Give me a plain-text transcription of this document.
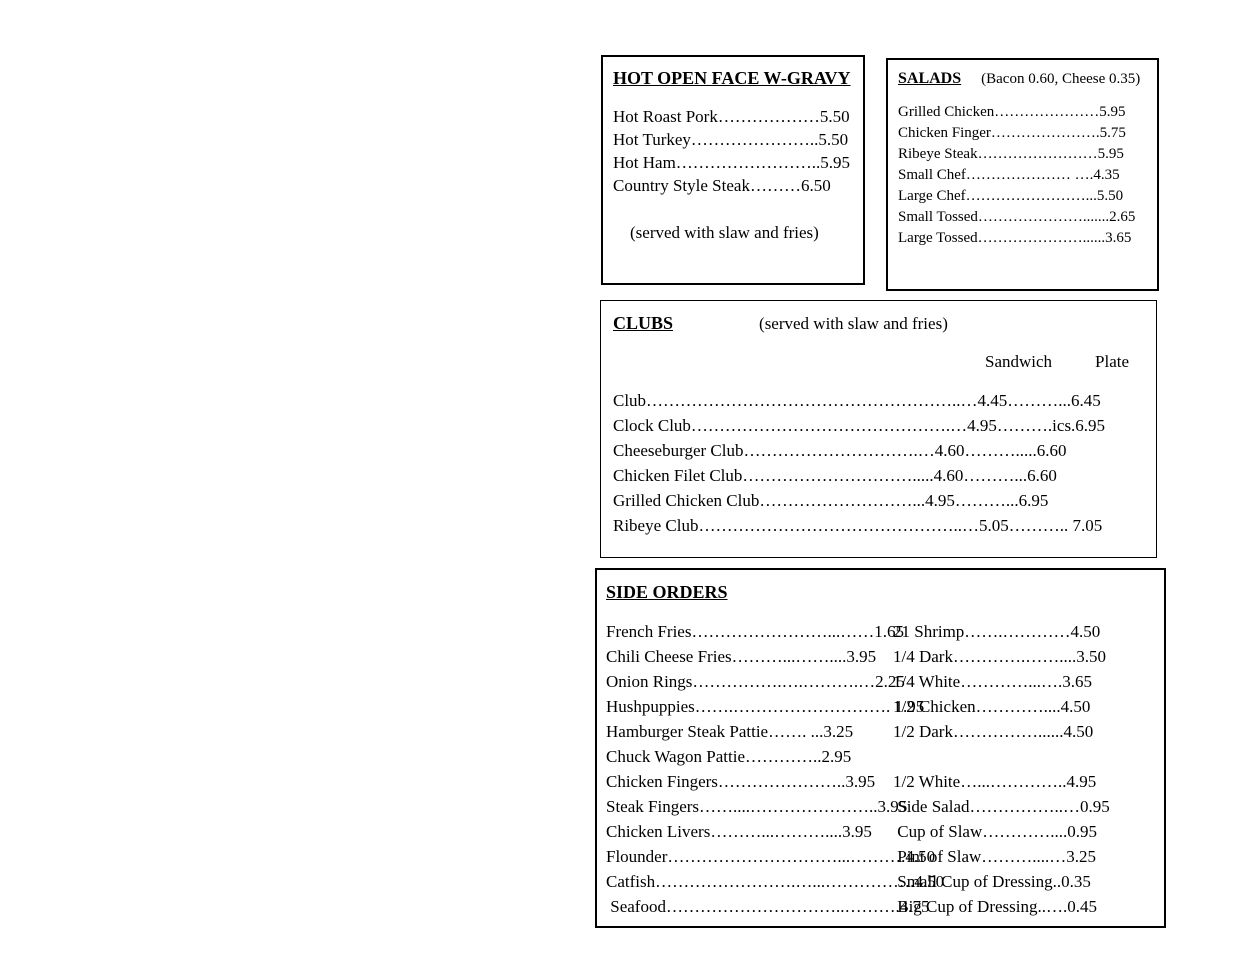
HOT OPEN FACE W-GRAVY
Hot Roast Pork………………5.50
Hot Turkey…………………..5.50
Hot Ham……………………..5.95
Country Style Steak………6.50
(served with slaw and fries)
SALADS (Bacon 0.60, Cheese 0.35)
Grilled Chicken…………………5.95
Chicken Finger………………….5.75
Ribeye Steak……………………5.95
Small Chef………………… ….4.35
Large Chef……………………...5.50
Small Tossed………………….......2.65
Large Tossed…………………......3.65
CLUBS	(served with slaw and fries)
Sandwich	Plate
Club………………………………………………..…4.45………...6.45
Clock Club……………………………………….…4.95……….ics.6.95
Cheeseburger Club………………………….…4.60……….....6.60
Chicken Filet Club………………………….....4.60………...6.60
Grilled Chicken Club………………………...4.95………...6.95
Ribeye Club………………………………………..…5.05……….. 7.05
SIDE ORDERS
French Fries……………………...……1.65
Chili Cheese Fries………...……....3.95
Onion Rings…………….….……….…2.25
Hushpuppies…….………………………. 1.95
Hamburger Steak Pattie……. ...3.25
Chuck Wagon Pattie…………..2.95
Chicken Fingers…………………..3.95
Steak Fingers……....…………………..3.95
Chicken Livers………...………....3.95
Flounder…………………………...……….4.50
Catfish…………………….…...…………….4.50
Seafood…………………………..……….4.75
21 Shrimp…….…………4.50
1/4 Dark………….……....3.50
1/4 White…………...….3.65
1/2 Chicken…………....4.50
1/2 Dark……………......4.50
1/2 White…...…………..4.95
Side Salad……………..…0.95
Cup of Slaw…………....0.95
Pint of Slaw………....…3.25
Small Cup of Dressing..0.35
Big Cup of Dressing..….0.45
